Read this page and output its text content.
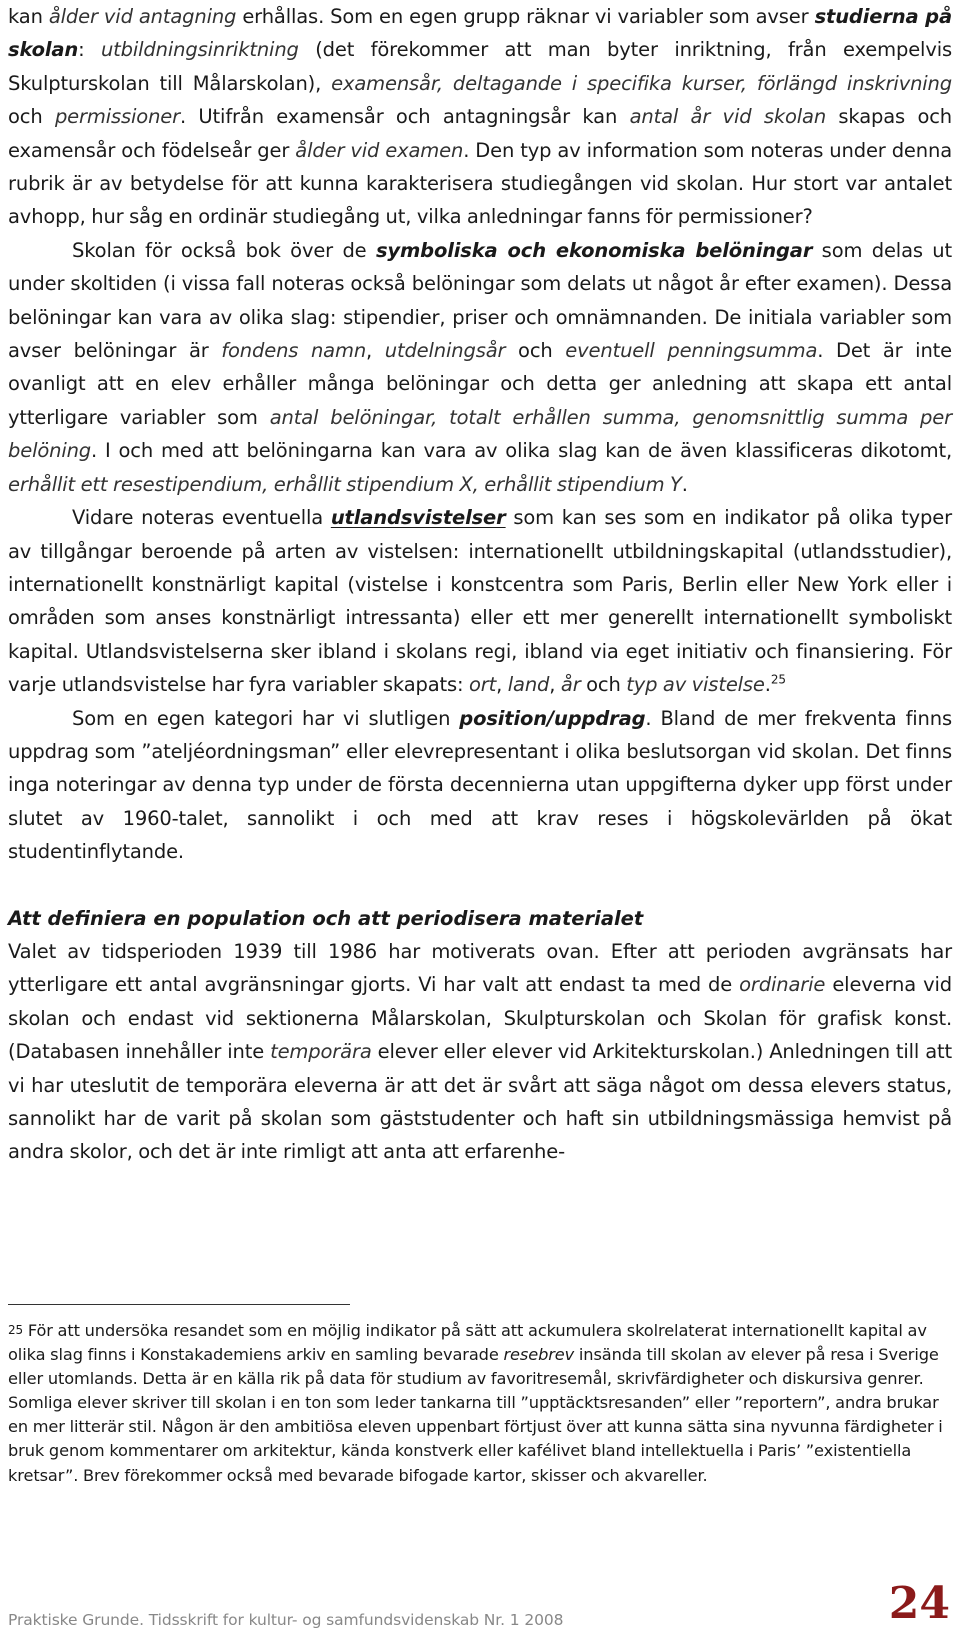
kan ålder vid antagning erhållas. Som en egen grupp räknar vi variabler som avser studierna på skolan: utbildningsinriktning (det förekommer att man byter inriktning, från exempelvis Skulpturskolan till Målarskolan), examensår, deltagande i specifika kurser, förlängd inskrivning och permissioner. Utifrån examensår och antagningsår kan antal år vid skolan skapas och examensår och födelseår ger ålder vid examen. Den typ av information som noteras under denna rubrik är av betydelse för att kunna karakterisera studiegången vid skolan. Hur stort var antalet avhopp, hur såg en ordinär studiegång ut, vilka anledningar fanns för permissioner?

Skolan för också bok över de symboliska och ekonomiska belöningar som delas ut under skoltiden (i vissa fall noteras också belöningar som delats ut något år efter examen). Dessa belöningar kan vara av olika slag: stipendier, priser och omnämnanden. De initiala variabler som avser belöningar är fondens namn, utdelningsår och eventuell penningsumma. Det är inte ovanligt att en elev erhåller många belöningar och detta ger anledning att skapa ett antal ytterligare variabler som antal belöningar, totalt erhållen summa, genomsnittlig summa per belöning. I och med att belöningarna kan vara av olika slag kan de även klassificeras dikotomt, erhållit ett resestipendium, erhållit stipendium X, erhållit stipendium Y.

Vidare noteras eventuella utlandsvistelser som kan ses som en indikator på olika typer av tillgångar beroende på arten av vistelsen: internationellt utbildningskapital (utlandsstudier), internationellt konstnärligt kapital (vistelse i konstcentra som Paris, Berlin eller New York eller i områden som anses konstnärligt intressanta) eller ett mer generellt internationellt symboliskt kapital. Utlandsvistelserna sker ibland i skolans regi, ibland via eget initiativ och finansiering. För varje utlandsvistelse har fyra variabler skapats: ort, land, år och typ av vistelse.$^{25}$

Som en egen kategori har vi slutligen position/uppdrag. Bland de mer frekventa finns uppdrag som ”ateljéordningsman” eller elevrepresentant i olika beslutsorgan vid skolan. Det finns inga noteringar av denna typ under de första decennierna utan uppgifterna dyker upp först under slutet av 1960-talet, sannolikt i och med att krav reses i högskolevärlden på ökat studentinflytande.

Att definiera en population och att periodisera materialet

Valet av tidsperioden 1939 till 1986 har motiverats ovan. Efter att perioden avgränsats har ytterligare ett antal avgränsningar gjorts. Vi har valt att endast ta med de ordinarie eleverna vid skolan och endast vid sektionerna Målarskolan, Skulpturskolan och Skolan för grafisk konst. (Databasen innehåller inte temporära elever eller elever vid Arkitekturskolan.) Anledningen till att vi har uteslutit de temporära eleverna är att det är svårt att säga något om dessa elevers status, sannolikt har de varit på skolan som gäststudenter och haft sin utbildningsmässiga hemvist på andra skolor, och det är inte rimligt att anta att erfarenhe-

25 För att undersöka resandet som en möjlig indikator på sätt att ackumulera skolrelaterat internationellt kapital av olika slag finns i Konstakademiens arkiv en samling bevarade resebrev insända till skolan av elever på resa i Sverige eller utomlands. Detta är en källa rik på data för studium av favoritresemål, skrivfärdigheter och diskursiva genrer. Somliga elever skriver till skolan i en ton som leder tankarna till ”upptäcktsresanden” eller ”reportern”, andra brukar en mer litterär stil. Någon är den ambitiösa eleven uppenbart förtjust över att kunna sätta sina nyvunna färdigheter i bruk genom kommentarer om arkitektur, kända konstverk eller kafélivet bland intellektuella i Paris’ ”existentiella kretsar”. Brev förekommer också med bevarade bifogade kartor, skisser och akvareller.

Praktiske Grunde. Tidsskrift for kultur- og samfundsvidenskab Nr. 1 2008	24
